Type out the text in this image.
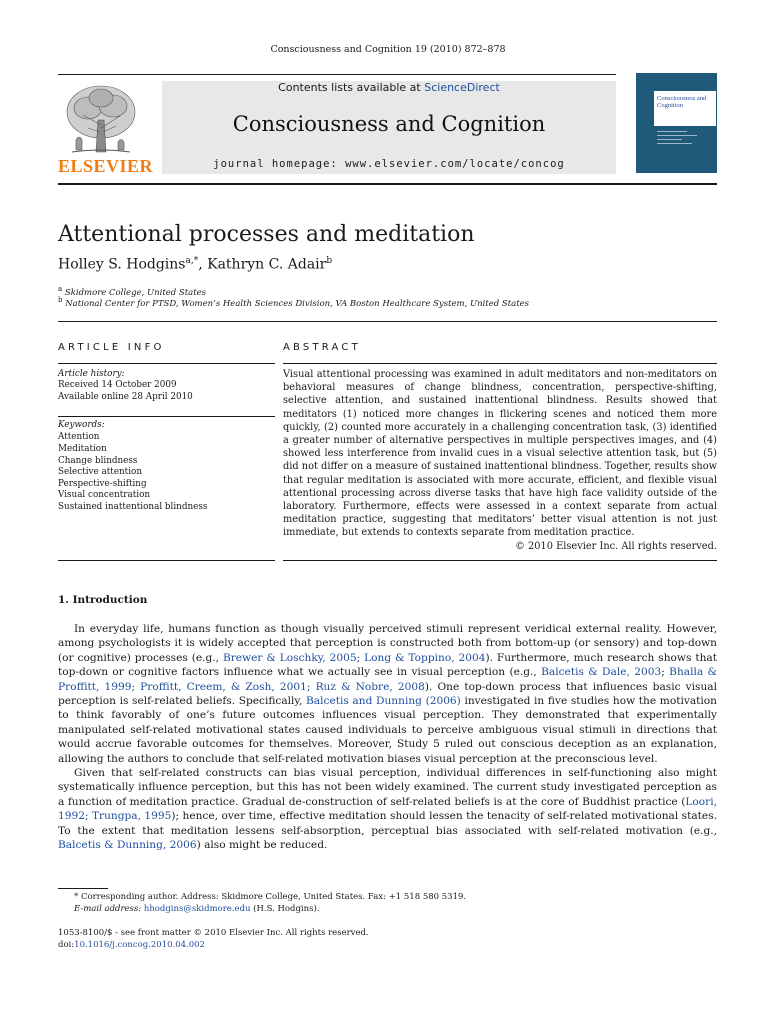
Consciousness and Cognition 19 (2010) 872–878
ELSEVIER
Contents lists available at ScienceDirect
Consciousness and Cognition
journal homepage: www.elsevier.com/locate/concog
Consciousness and Cognition
Attentional processes and meditation
Holley S. Hodgins$^{a,*}$, Kathryn C. Adair$^b$
$^a$ Skidmore College, United States
$^b$ National Center for PTSD, Women’s Health Sciences Division, VA Boston Healthcare System, United States
ARTICLE INFO
Article history:
Received 14 October 2009
Available online 28 April 2010
Keywords:
Attention
Meditation
Change blindness
Selective attention
Perspective-shifting
Visual concentration
Sustained inattentional blindness
ABSTRACT
Visual attentional processing was examined in adult meditators and non-meditators on behavioral measures of change blindness, concentration, perspective-shifting, selective attention, and sustained inattentional blindness. Results showed that meditators (1) noticed more changes in flickering scenes and noticed them more quickly, (2) counted more accurately in a challenging concentration task, (3) identified a greater number of alternative perspectives in multiple perspectives images, and (4) showed less interference from invalid cues in a visual selective attention task, but (5) did not differ on a measure of sustained inattentional blindness. Together, results show that regular meditation is associated with more accurate, efficient, and flexible visual attentional processing across diverse tasks that have high face validity outside of the laboratory. Furthermore, effects were assessed in a context separate from actual meditation practice, suggesting that meditators’ better visual attention is not just immediate, but extends to contexts separate from meditation practice.
© 2010 Elsevier Inc. All rights reserved.
1. Introduction
In everyday life, humans function as though visually perceived stimuli represent veridical external reality. However, among psychologists it is widely accepted that perception is constructed both from bottom-up (or sensory) and top-down (or cognitive) processes (e.g., Brewer & Loschky, 2005; Long & Toppino, 2004). Furthermore, much research shows that top-down or cognitive factors influence what we actually see in visual perception (e.g., Balcetis & Dale, 2003; Bhalla & Proffitt, 1999; Proffitt, Creem, & Zosh, 2001; Ruz & Nobre, 2008). One top-down process that influences basic visual perception is self-related beliefs. Specifically, Balcetis and Dunning (2006) investigated in five studies how the motivation to think favorably of one’s future outcomes influences visual perception. They demonstrated that experimentally manipulated self-related motivational states caused individuals to perceive ambiguous visual stimuli in directions that would accrue favorable outcomes for themselves. Moreover, Study 5 ruled out conscious deception as an explanation, allowing the authors to conclude that self-related motivation biases visual perception at the preconscious level.
Given that self-related constructs can bias visual perception, individual differences in self-functioning also might systematically influence perception, but this has not been widely examined. The current study investigated perception as a function of meditation practice. Gradual de-construction of self-related beliefs is at the core of Buddhist practice (Loori, 1992; Trungpa, 1995); hence, over time, effective meditation should lessen the tenacity of self-related motivational states. To the extent that meditation lessens self-absorption, perceptual bias associated with self-related motivation (e.g., Balcetis & Dunning, 2006) also might be reduced.
* Corresponding author. Address: Skidmore College, United States. Fax: +1 518 580 5319.
E-mail address: hhodgins@skidmore.edu (H.S. Hodgins).
1053-8100/$ - see front matter © 2010 Elsevier Inc. All rights reserved.
doi:10.1016/j.concog.2010.04.002
